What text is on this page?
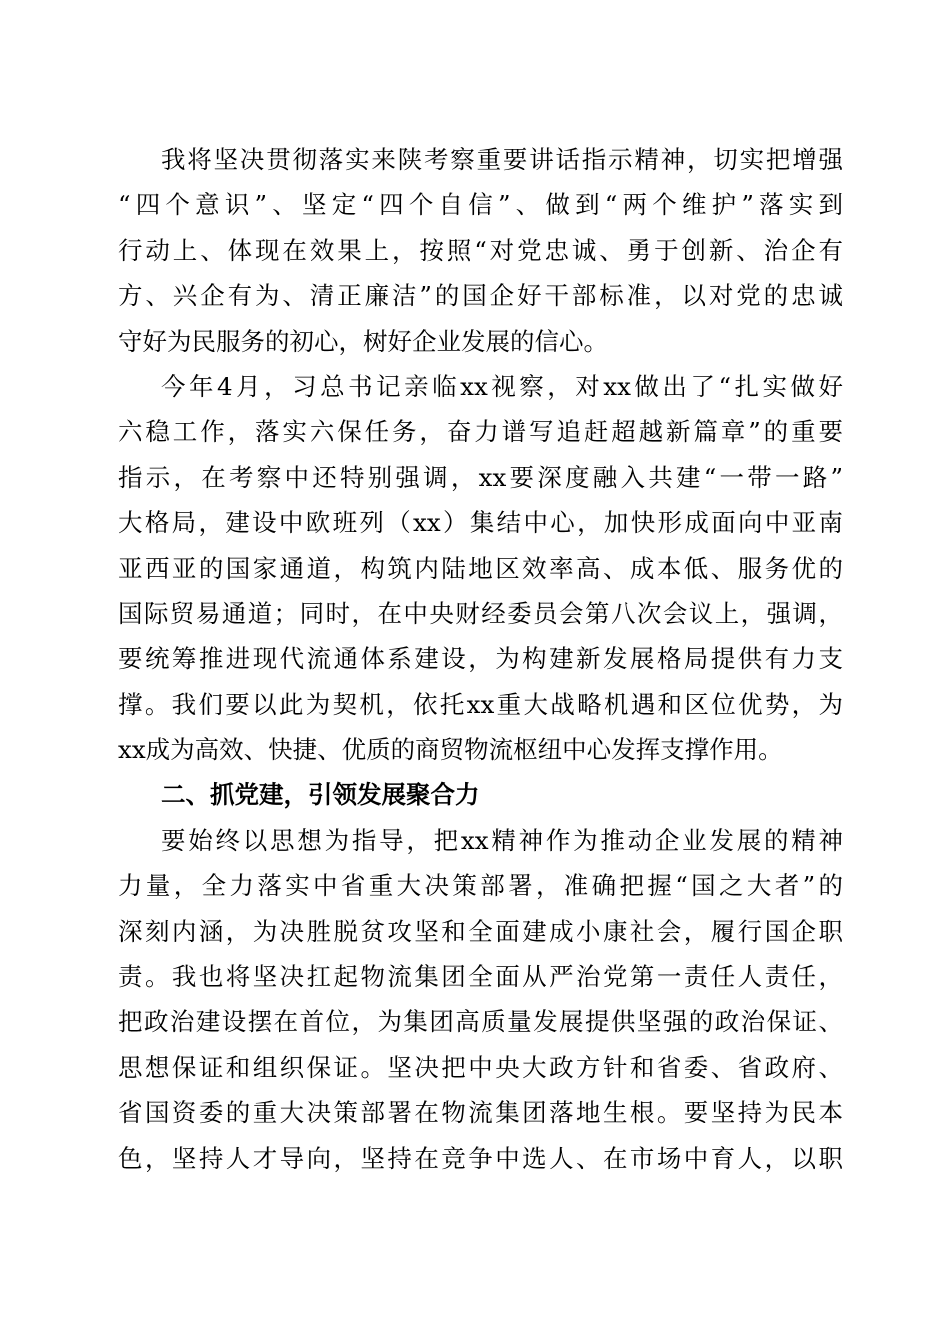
我将坚决贯彻落实来陕考察重要讲话指示精神，切实把增强
“四个意识”、坚定“四个自信”、做到“两个维护”落实到
行动上、体现在效果上，按照“对党忠诚、勇于创新、治企有
方、兴企有为、清正廉洁”的国企好干部标准，以对党的忠诚
守好为民服务的初心，树好企业发展的信心。
今年4月，习总书记亲临xx视察，对xx做出了“扎实做好
六稳工作，落实六保任务，奋力谱写追赶超越新篇章”的重要
指示，在考察中还特别强调，xx要深度融入共建“一带一路”
大格局，建设中欧班列（xx）集结中心，加快形成面向中亚南
亚西亚的国家通道，构筑内陆地区效率高、成本低、服务优的
国际贸易通道；同时，在中央财经委员会第八次会议上，强调，
要统筹推进现代流通体系建设，为构建新发展格局提供有力支
撑。我们要以此为契机，依托xx重大战略机遇和区位优势，为
xx成为高效、快捷、优质的商贸物流枢纽中心发挥支撑作用。
二、抓党建，引领发展聚合力
要始终以思想为指导，把xx精神作为推动企业发展的精神
力量，全力落实中省重大决策部署，准确把握“国之大者”的
深刻内涵，为决胜脱贫攻坚和全面建成小康社会，履行国企职
责。我也将坚决扛起物流集团全面从严治党第一责任人责任，
把政治建设摆在首位，为集团高质量发展提供坚强的政治保证、
思想保证和组织保证。坚决把中央大政方针和省委、省政府、
省国资委的重大决策部署在物流集团落地生根。要坚持为民本
色，坚持人才导向，坚持在竞争中选人、在市场中育人，以职
